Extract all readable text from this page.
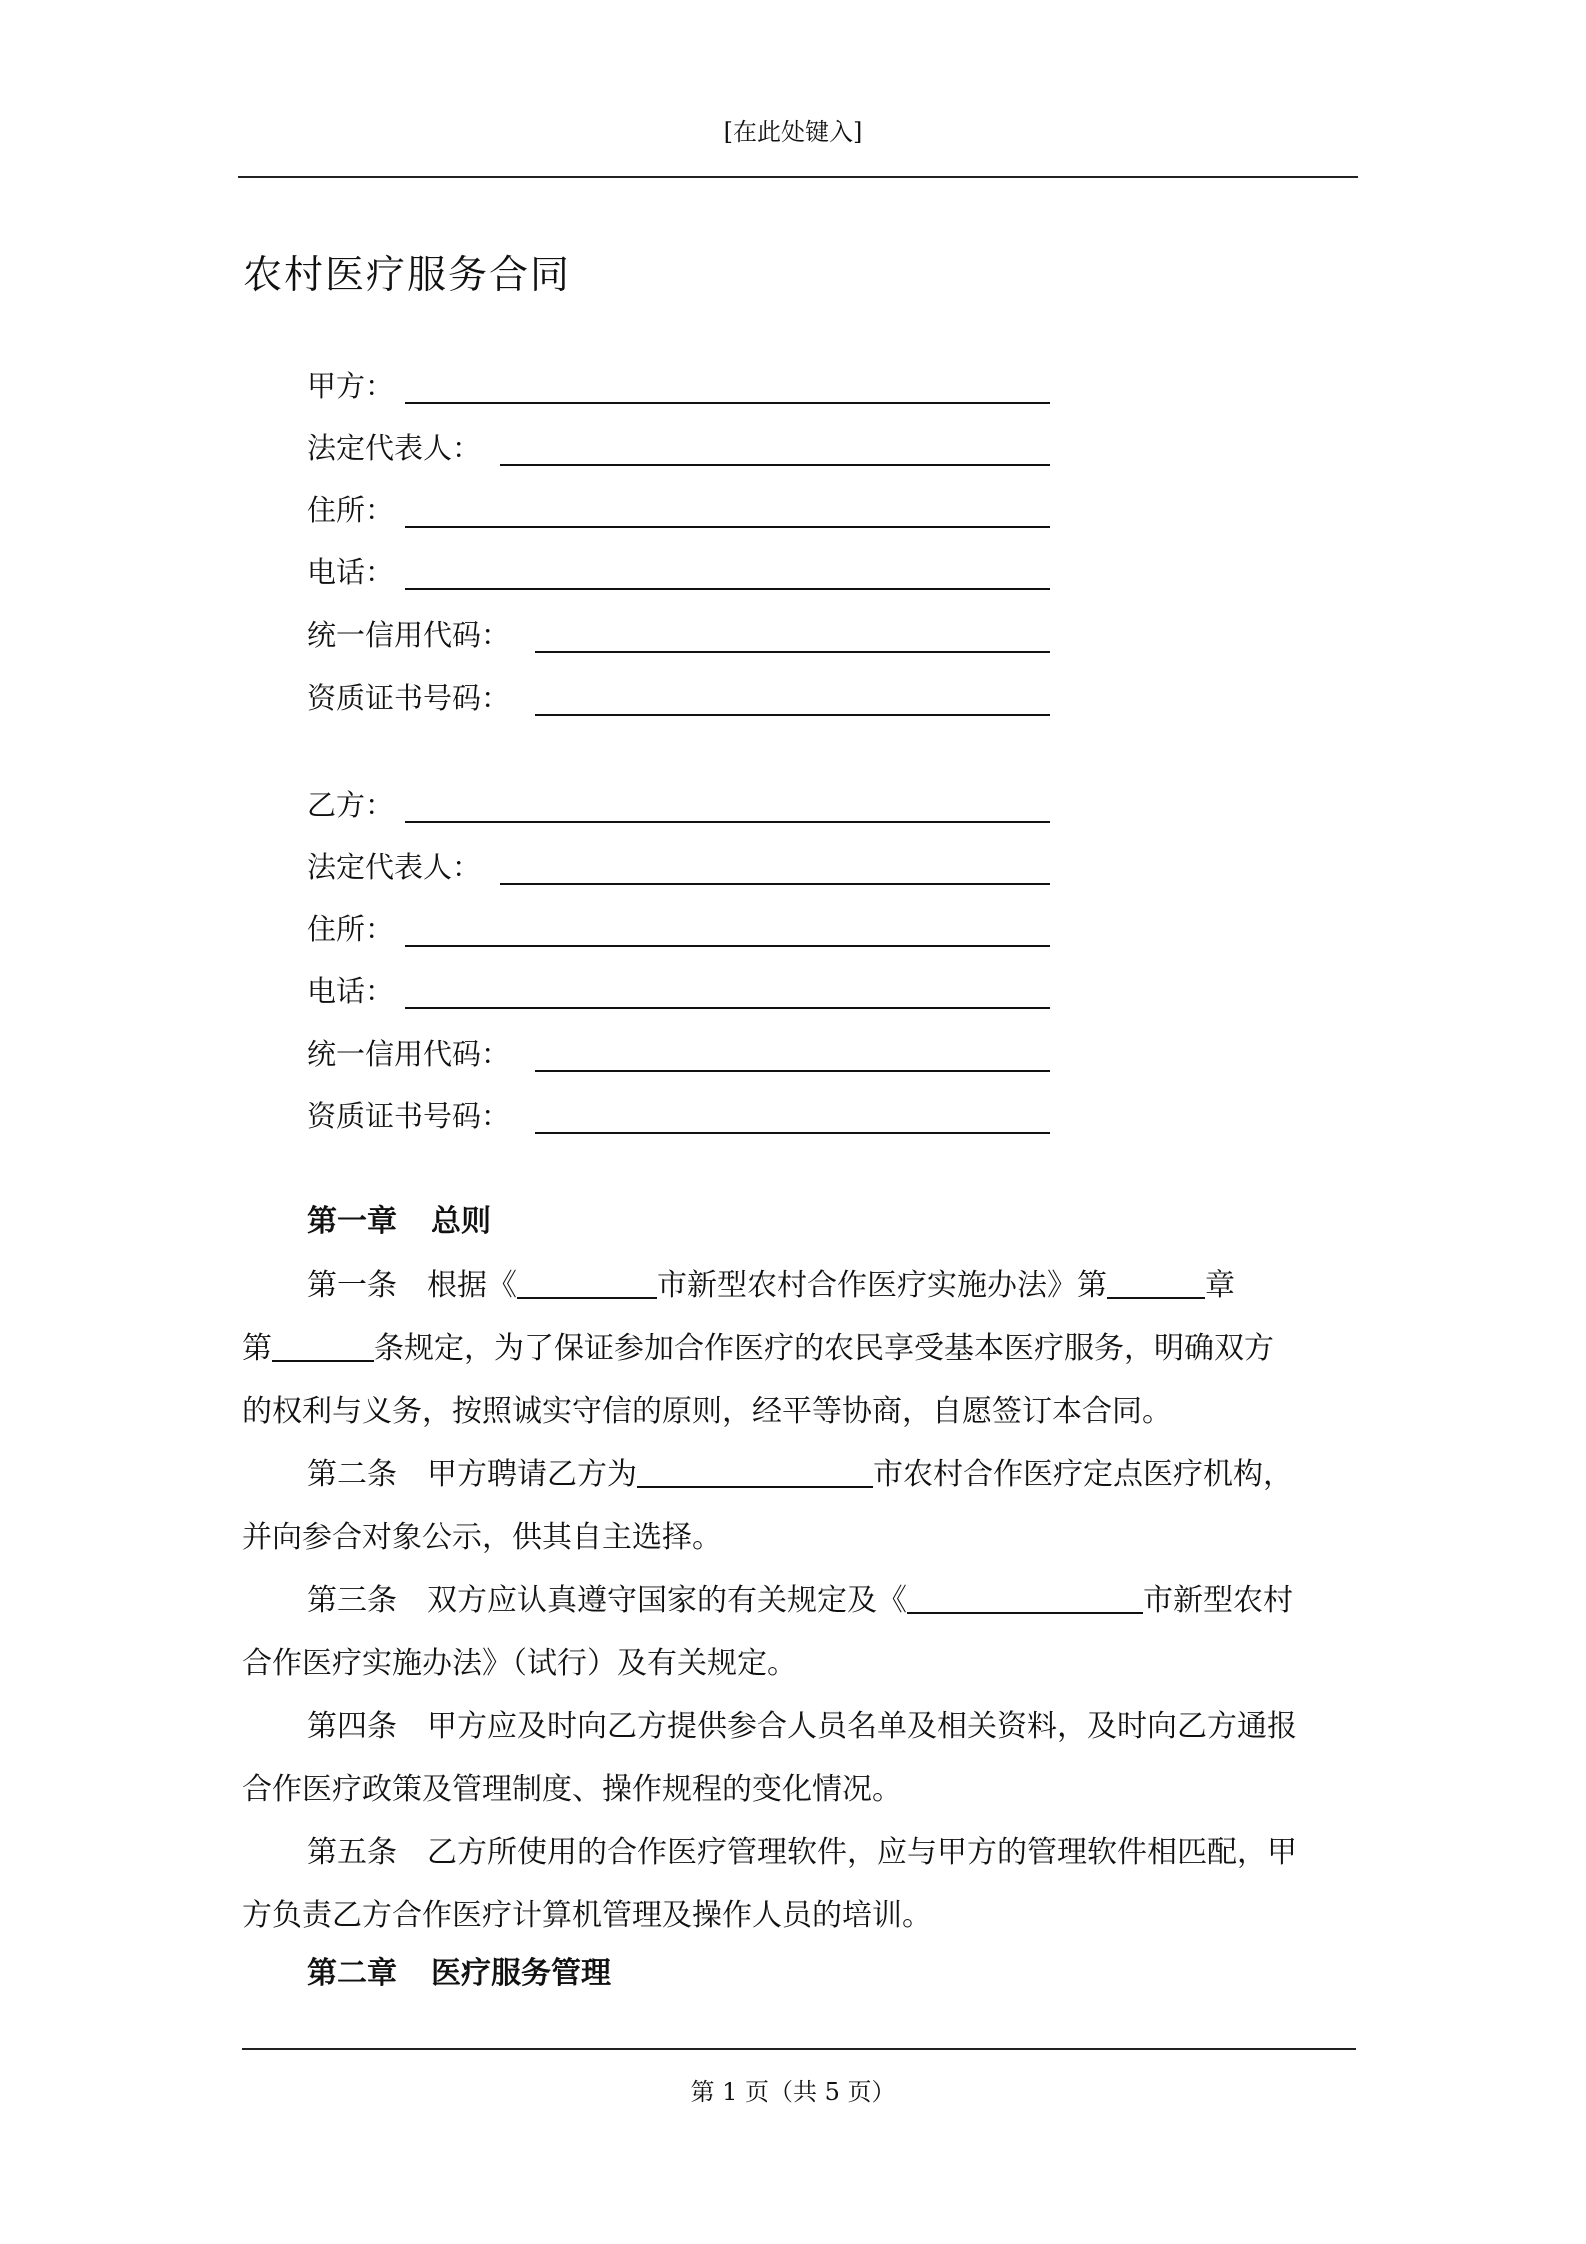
[在此处键入]
农村医疗服务合同
甲方：
法定代表人：
住所：
电话：
统一信用代码：
资质证书号码：
乙方：
法定代表人：
住所：
电话：
统一信用代码：
资质证书号码：
第一章 总则
第一条　根据《	市新型农村合作医疗实施办法》第	章
第	条规定，为了保证参加合作医疗的农民享受基本医疗服务，明确双方
的权利与义务，按照诚实守信的原则，经平等协商，自愿签订本合同。
第二条　甲方聘请乙方为	市农村合作医疗定点医疗机构，
并向参合对象公示，供其自主选择。
第三条　双方应认真遵守国家的有关规定及《	市新型农村
合作医疗实施办法》（试行）及有关规定。
第四条　甲方应及时向乙方提供参合人员名单及相关资料，及时向乙方通报
合作医疗政策及管理制度、操作规程的变化情况。
第五条　乙方所使用的合作医疗管理软件，应与甲方的管理软件相匹配，甲
方负责乙方合作医疗计算机管理及操作人员的培训。
第二章 医疗服务管理
第 1 页（共 5 页）
